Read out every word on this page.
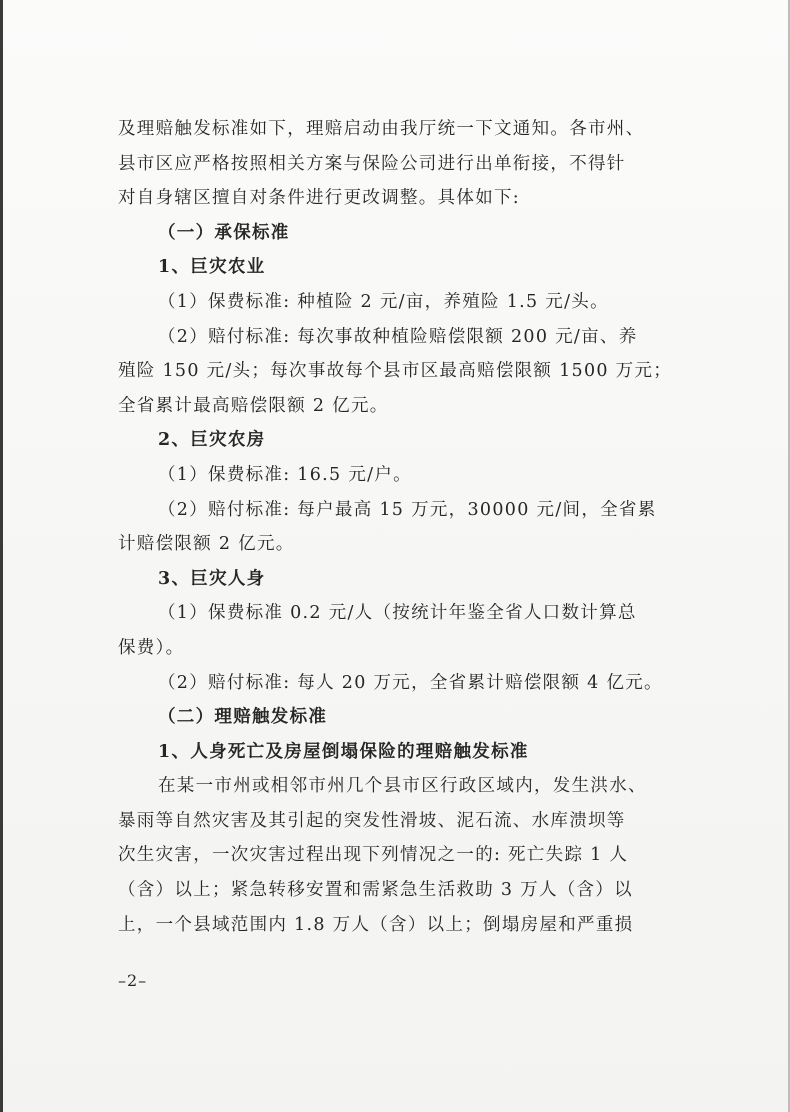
及理赔触发标准如下，理赔启动由我厅统一下文通知。各市州、
县市区应严格按照相关方案与保险公司进行出单衔接，不得针
对自身辖区擅自对条件进行更改调整。具体如下:
（一）承保标准
1、巨灾农业
（1）保费标准: 种植险 2 元/亩，养殖险 1.5 元/头。
（2）赔付标准: 每次事故种植险赔偿限额 200 元/亩、养
殖险 150 元/头；每次事故每个县市区最高赔偿限额 1500 万元；
全省累计最高赔偿限额 2 亿元。
2、巨灾农房
（1）保费标准: 16.5 元/户。
（2）赔付标准: 每户最高 15 万元，30000 元/间，全省累
计赔偿限额 2 亿元。
3、巨灾人身
（1）保费标准 0.2 元/人（按统计年鉴全省人口数计算总
保费）。
（2）赔付标准: 每人 20 万元，全省累计赔偿限额 4 亿元。
（二）理赔触发标准
1、人身死亡及房屋倒塌保险的理赔触发标准
在某一市州或相邻市州几个县市区行政区域内，发生洪水、
暴雨等自然灾害及其引起的突发性滑坡、泥石流、水库溃坝等
次生灾害，一次灾害过程出现下列情况之一的: 死亡失踪 1 人
（含）以上；紧急转移安置和需紧急生活救助 3 万人（含）以
上，一个县域范围内 1.8 万人（含）以上；倒塌房屋和严重损
–2–
